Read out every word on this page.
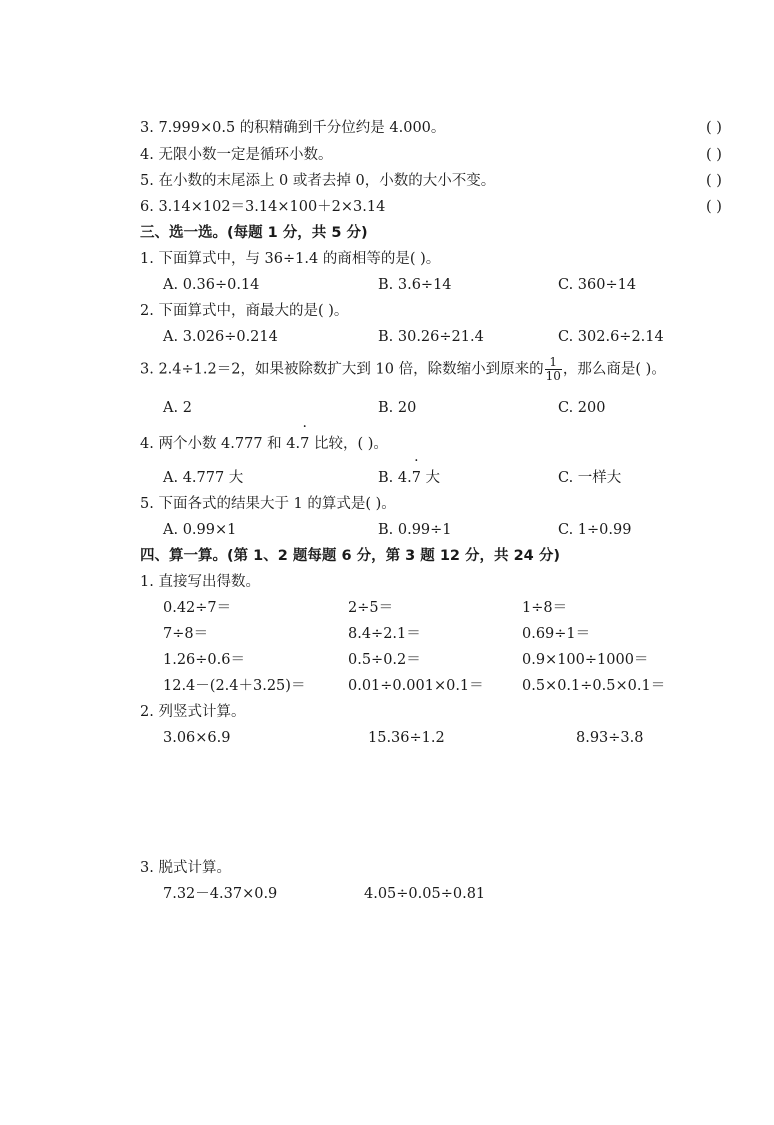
3. 7.999×0.5 的积精确到千分位约是 4.000。	( )
4. 无限小数一定是循环小数。	( )
5. 在小数的末尾添上 0 或者去掉 0，小数的大小不变。	( )
6. 3.14×102＝3.14×100＋2×3.14	( )
三、选一选。(每题 1 分，共 5 分)
1. 下面算式中，与 36÷1.4 的商相等的是( )。
A. 0.36÷0.14	B. 3.6÷14	C. 360÷14
2. 下面算式中，商最大的是( )。
A. 3.026÷0.214	B. 30.26÷21.4	C. 302.6÷2.14
3. 2.4÷1.2＝2，如果被除数扩大到 10 倍，除数缩小到原来的 $\frac{1}{10}$ ，那么商是( )。
A. 2	B. 20	C. 200
4. 两个小数 4.777 和 4.· 7 比较，( )。
A. 4.777 大	B. 4.· 7 大	C. 一样大
5. 下面各式的结果大于 1 的算式是( )。
A. 0.99×1	B. 0.99÷1	C. 1÷0.99
四、算一算。(第 1、2 题每题 6 分，第 3 题 12 分，共 24 分)
1. 直接写出得数。
0.42÷7＝	2÷5＝	1÷8＝
7÷8＝	8.4÷2.1＝	0.69÷1＝
1.26÷0.6＝	0.5÷0.2＝	0.9×100÷1000＝
12.4－(2.4＋3.25)＝	0.01÷0.001×0.1＝	0.5×0.1÷0.5×0.1＝
2. 列竖式计算。
3.06×6.9	15.36÷1.2	8.93÷3.8
3. 脱式计算。
7.32－4.37×0.9	4.05÷0.05÷0.81
